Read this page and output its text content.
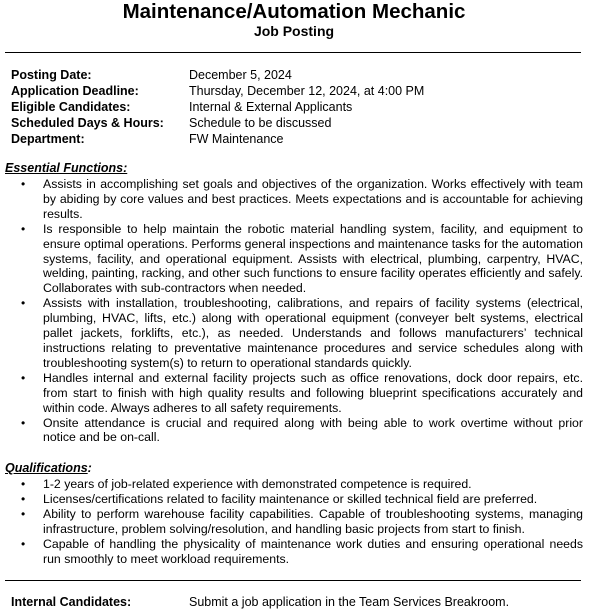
Maintenance/Automation Mechanic
Job Posting
Posting Date:	December 5, 2024
Application Deadline:	Thursday, December 12, 2024, at 4:00 PM
Eligible Candidates:	Internal & External Applicants
Scheduled Days & Hours:	Schedule to be discussed
Department:	FW Maintenance
Essential Functions:
•	Assists in accomplishing set goals and objectives of the organization. Works effectively with team by abiding by core values and best practices. Meets expectations and is accountable for achieving results.
•	Is responsible to help maintain the robotic material handling system, facility, and equipment to ensure optimal operations. Performs general inspections and maintenance tasks for the automation systems, facility, and operational equipment. Assists with electrical, plumbing, carpentry, HVAC, welding, painting, racking, and other such functions to ensure facility operates efficiently and safely. Collaborates with sub-contractors when needed.
•	Assists with installation, troubleshooting, calibrations, and repairs of facility systems (electrical, plumbing, HVAC, lifts, etc.) along with operational equipment (conveyer belt systems, electrical pallet jackets, forklifts, etc.), as needed. Understands and follows manufacturers’ technical instructions relating to preventative maintenance procedures and service schedules along with troubleshooting system(s) to return to operational standards quickly.
•	Handles internal and external facility projects such as office renovations, dock door repairs, etc. from start to finish with high quality results and following blueprint specifications accurately and within code. Always adheres to all safety requirements.
•	Onsite attendance is crucial and required along with being able to work overtime without prior notice and be on-call.
Qualifications:
•	1-2 years of job-related experience with demonstrated competence is required.
•	Licenses/certifications related to facility maintenance or skilled technical field are preferred.
•	Ability to perform warehouse facility capabilities. Capable of troubleshooting systems, managing infrastructure, problem solving/resolution, and handling basic projects from start to finish.
•	Capable of handling the physicality of maintenance work duties and ensuring operational needs run smoothly to meet workload requirements.
Internal Candidates:	Submit a job application in the Team Services Breakroom.
